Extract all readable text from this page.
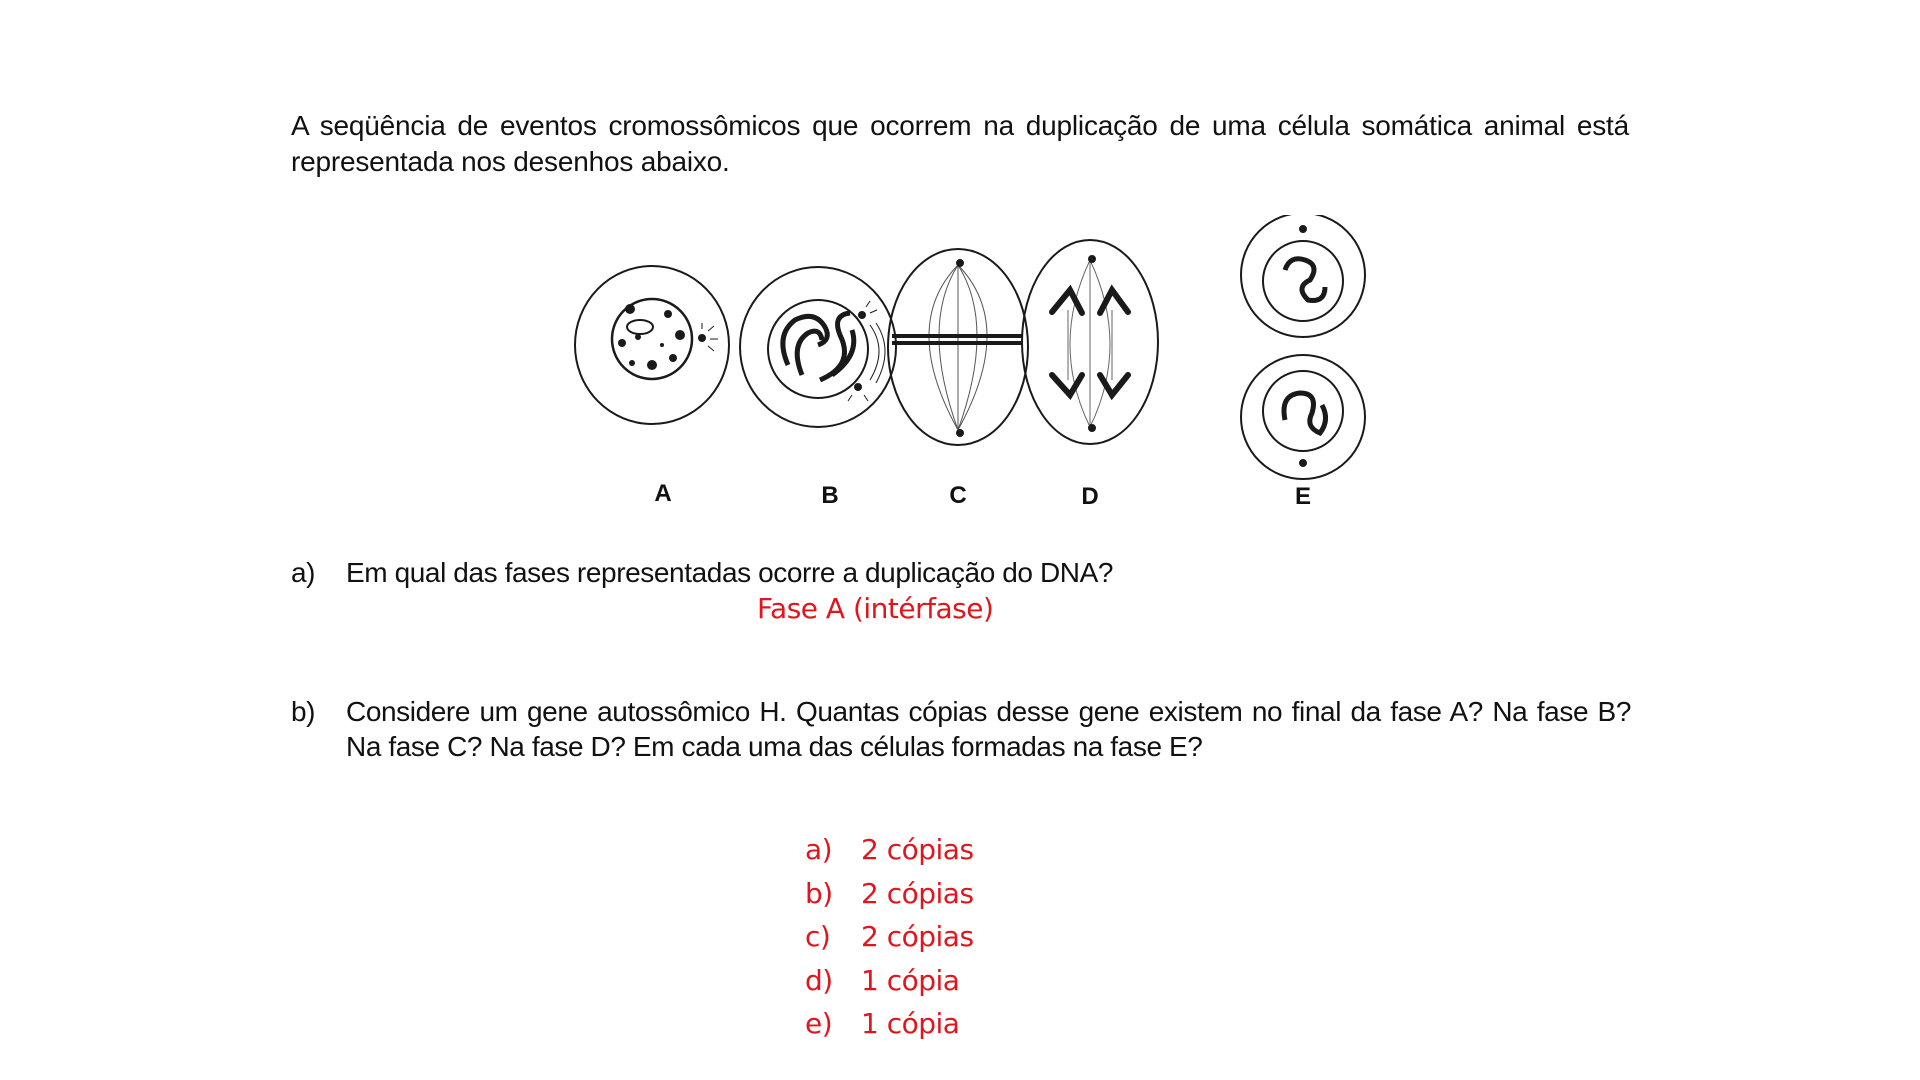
A seqüência de eventos cromossômicos que ocorrem na duplicação de uma célula somática animal está representada nos desenhos abaixo.
A	B	C	D	E
a) Em qual das fases representadas ocorre a duplicação do DNA?
Fase A (intérfase)
b) Considere um gene autossômico H. Quantas cópias desse gene existem no final da fase A? Na fase B? Na fase C? Na fase D? Em cada uma das células formadas na fase E?
a) 2 cópias
b) 2 cópias
c) 2 cópias
d) 1 cópia
e) 1 cópia
